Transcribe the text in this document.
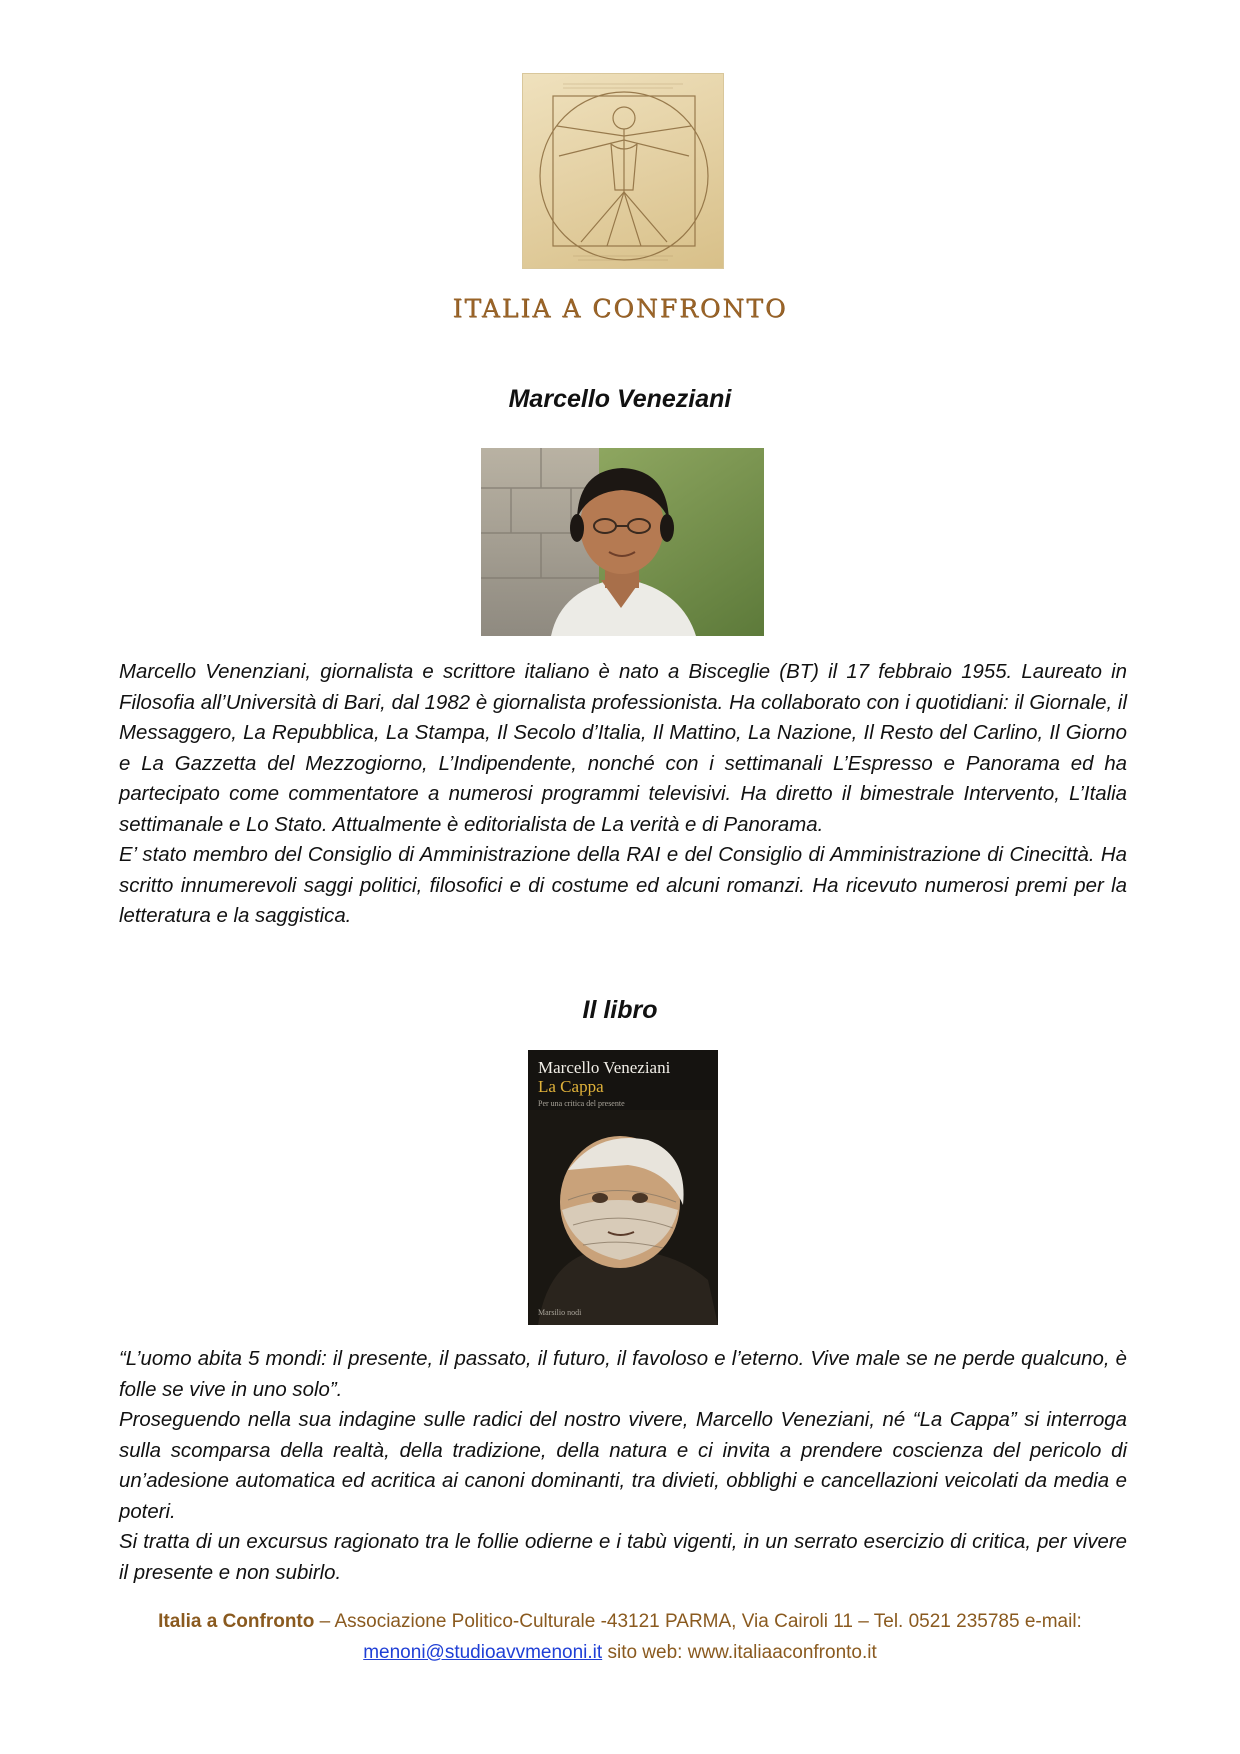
ITALIA A CONFRONTO
Marcello Veneziani

Marcello Venenziani, giornalista e scrittore italiano è nato a Bisceglie (BT) il 17 febbraio 1955. Laureato in Filosofia all’Università di Bari, dal 1982 è giornalista professionista. Ha collaborato con i quotidiani: il Giornale, il Messaggero, La Repubblica, La Stampa, Il Secolo d’Italia, Il Mattino, La Nazione, Il Resto del Carlino, Il Giorno e La Gazzetta del Mezzogiorno, L’Indipendente, nonché con i settimanali L’Espresso e Panorama ed ha partecipato come commentatore a numerosi programmi televisivi. Ha diretto il bimestrale Intervento, L’Italia settimanale e Lo Stato. Attualmente è editorialista de La verità e di Panorama.

E’ stato membro del Consiglio di Amministrazione della RAI e del Consiglio di Amministrazione di Cinecittà. Ha scritto innumerevoli saggi politici, filosofici e di costume ed alcuni romanzi. Ha ricevuto numerosi premi per la letteratura e la saggistica.

Il libro
Marcello Veneziani
La Cappa
Per una critica del presente
Marsilio nodi

“L’uomo abita 5 mondi: il presente, il passato, il futuro, il favoloso e l’eterno. Vive male se ne perde qualcuno, è folle se vive in uno solo”.

Proseguendo nella sua indagine sulle radici del nostro vivere, Marcello Veneziani, né “La Cappa” si interroga sulla scomparsa della realtà, della tradizione, della natura e ci invita a prendere coscienza del pericolo di un’adesione automatica ed acritica ai canoni dominanti, tra divieti, obblighi e cancellazioni veicolati da media e poteri.

Si tratta di un excursus ragionato tra le follie odierne e i tabù vigenti, in un serrato esercizio di critica, per vivere il presente e non subirlo.

Italia a Confronto – Associazione Politico-Culturale -43121 PARMA, Via Cairoli 11 – Tel. 0521 235785 e-mail:
menoni@studioavvmenoni.it sito web: www.italiaaconfronto.it
